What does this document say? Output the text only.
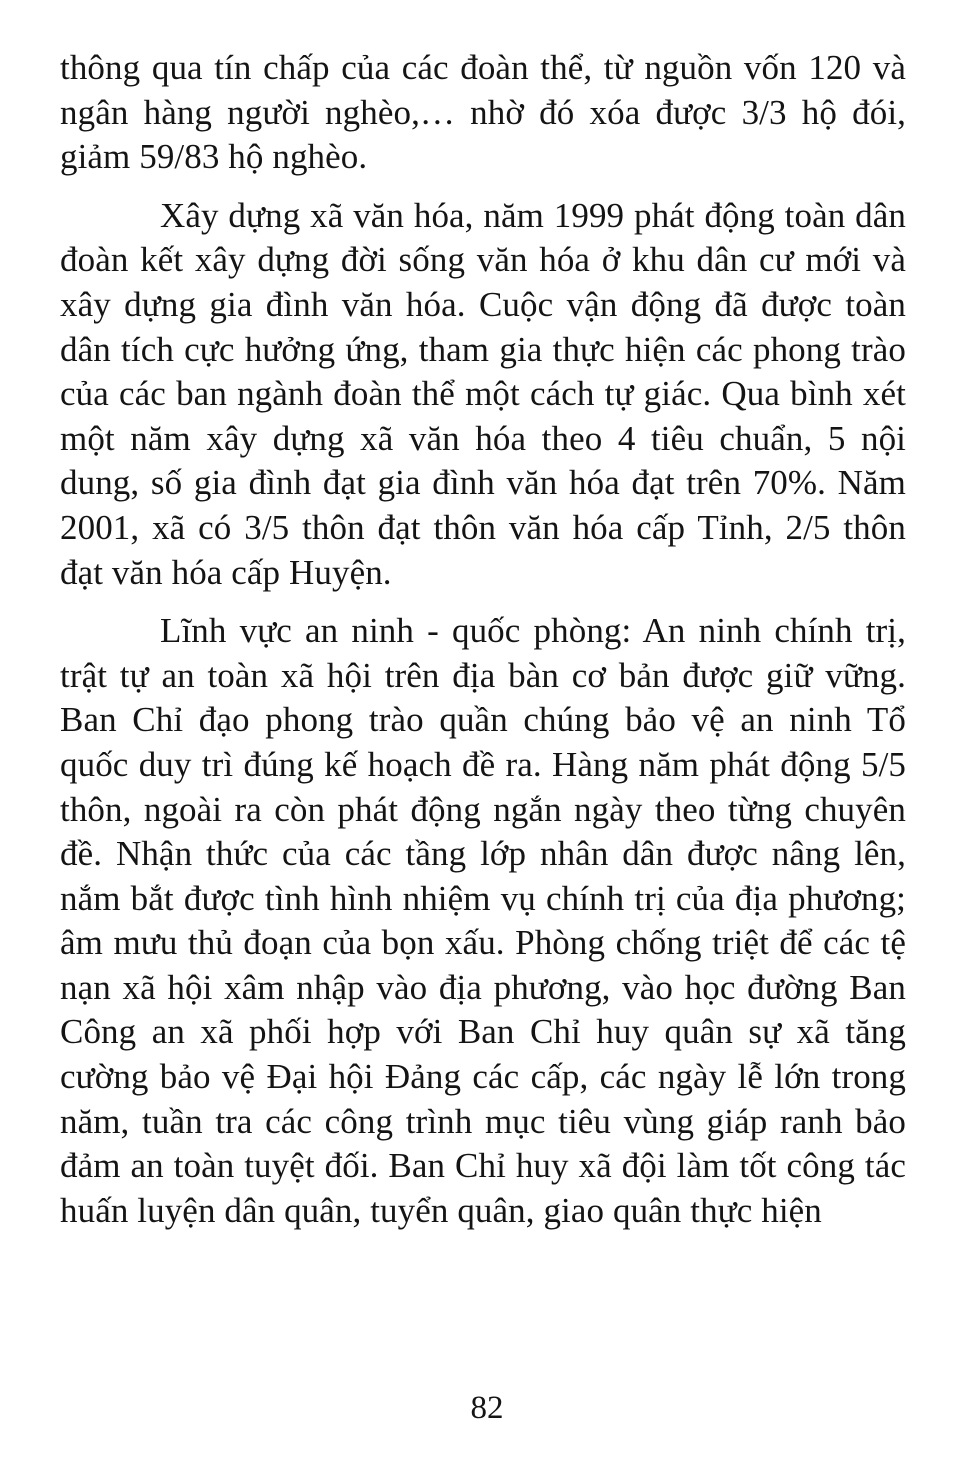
thông qua tín chấp của các đoàn thể, từ nguồn vốn 120 và ngân hàng người nghèo,… nhờ đó xóa được 3/3 hộ đói, giảm 59/83 hộ nghèo.

Xây dựng xã văn hóa, năm 1999 phát động toàn dân đoàn kết xây dựng đời sống văn hóa ở khu dân cư mới và xây dựng gia đình văn hóa. Cuộc vận động đã được toàn dân tích cực hưởng ứng, tham gia thực hiện các phong trào của các ban ngành đoàn thể một cách tự giác. Qua bình xét một năm xây dựng xã văn hóa theo 4 tiêu chuẩn, 5 nội dung, số gia đình đạt gia đình văn hóa đạt trên 70%. Năm 2001, xã có 3/5 thôn đạt thôn văn hóa cấp Tỉnh, 2/5 thôn đạt văn hóa cấp Huyện.

Lĩnh vực an ninh - quốc phòng: An ninh chính trị, trật tự an toàn xã hội trên địa bàn cơ bản được giữ vững. Ban Chỉ đạo phong trào quần chúng bảo vệ an ninh Tổ quốc duy trì đúng kế hoạch đề ra. Hàng năm phát động 5/5 thôn, ngoài ra còn phát động ngắn ngày theo từng chuyên đề. Nhận thức của các tầng lớp nhân dân được nâng lên, nắm bắt được tình hình nhiệm vụ chính trị của địa phương; âm mưu thủ đoạn của bọn xấu. Phòng chống triệt để các tệ nạn xã hội xâm nhập vào địa phương, vào học đường Ban Công an xã phối hợp với Ban Chỉ huy quân sự xã tăng cường bảo vệ Đại hội Đảng các cấp, các ngày lễ lớn trong năm, tuần tra các công trình mục tiêu vùng giáp ranh bảo đảm an toàn tuyệt đối. Ban Chỉ huy xã đội làm tốt công tác huấn luyện dân quân, tuyển quân, giao quân thực hiện

82
